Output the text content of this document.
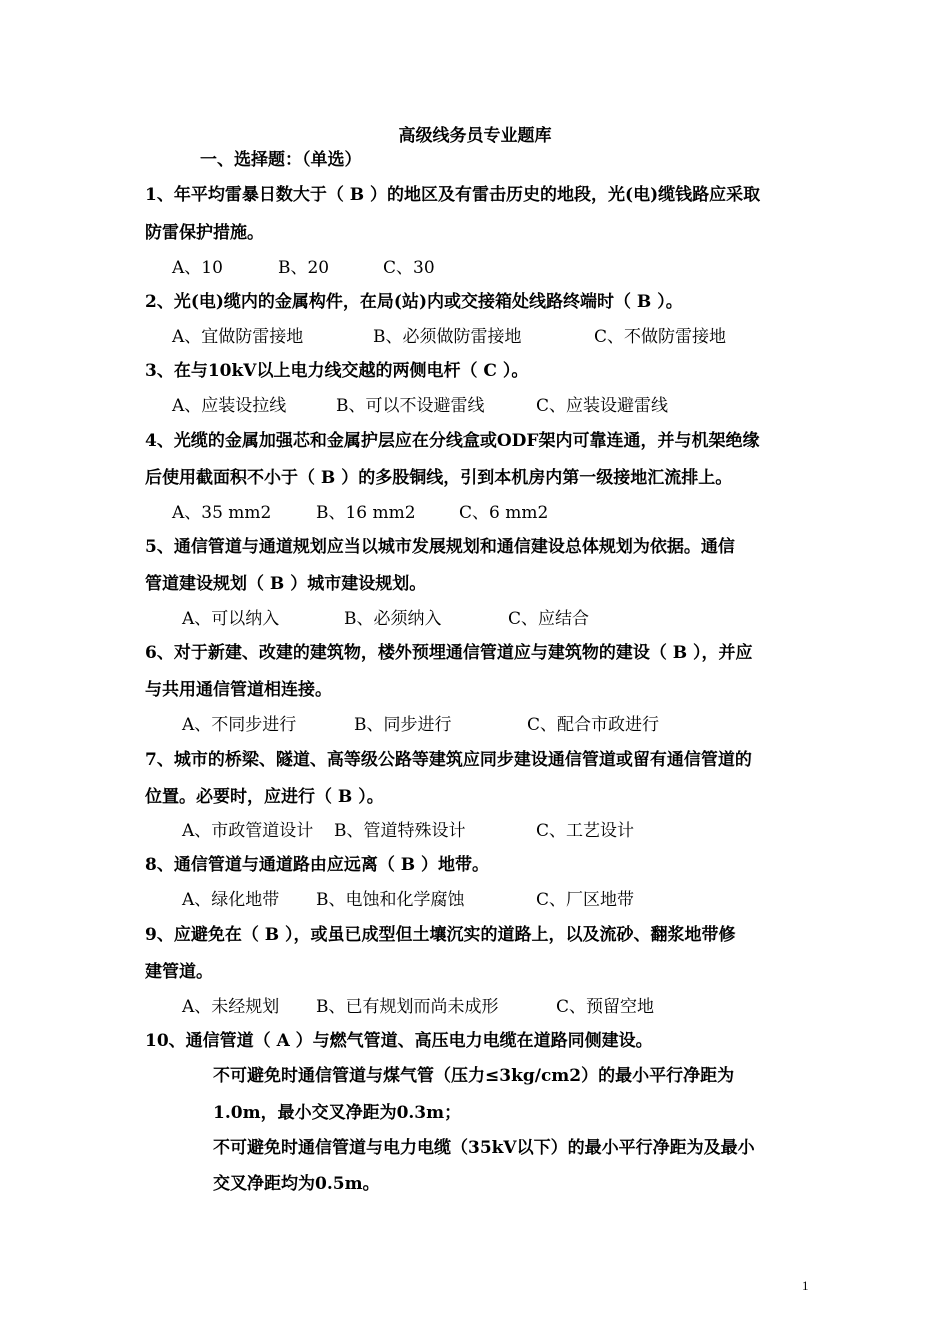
高级线务员专业题库
一、选择题：（单选）
1、年平均雷暴日数大于（ B ）的地区及有雷击历史的地段，光(电)缆钱路应采取
防雷保护措施。
A、10	B、20	C、30
2、光(电)缆内的金属构件，在局(站)内或交接箱处线路终端时（ B ）。
A、宜做防雷接地	B、必须做防雷接地	C、不做防雷接地
3、在与10kV以上电力线交越的两侧电杆（ C ）。
A、应装设拉线	B、可以不设避雷线	C、应装设避雷线
4、光缆的金属加强芯和金属护层应在分线盒或ODF架内可靠连通，并与机架绝缘
后使用截面积不小于（ B ）的多股铜线，引到本机房内第一级接地汇流排上。
A、35 mm2	B、16 mm2	C、6 mm2
5、通信管道与通道规划应当以城市发展规划和通信建设总体规划为依据。通信
管道建设规划（ B ）城市建设规划。
A、可以纳入	B、必须纳入	C、应结合
6、对于新建、改建的建筑物，楼外预埋通信管道应与建筑物的建设（ B ），并应
与共用通信管道相连接。
A、不同步进行	B、同步进行	C、配合市政进行
7、城市的桥梁、隧道、高等级公路等建筑应同步建设通信管道或留有通信管道的
位置。必要时，应进行（ B ）。
A、市政管道设计 B、管道特殊设计	C、工艺设计
8、通信管道与通道路由应远离（ B ）地带。
A、绿化地带 B、电蚀和化学腐蚀	C、厂区地带
9、应避免在（ B ），或虽已成型但土壤沉实的道路上，以及流砂、翻浆地带修
建管道。
A、未经规划 B、已有规划而尚未成形	C、预留空地
10、通信管道（ A ）与燃气管道、高压电力电缆在道路同侧建设。
不可避免时通信管道与煤气管（压力≤3kg/cm2）的最小平行净距为
1.0m，最小交叉净距为0.3m；
不可避免时通信管道与电力电缆（35kV以下）的最小平行净距为及最小
交叉净距均为0.5m。
1
